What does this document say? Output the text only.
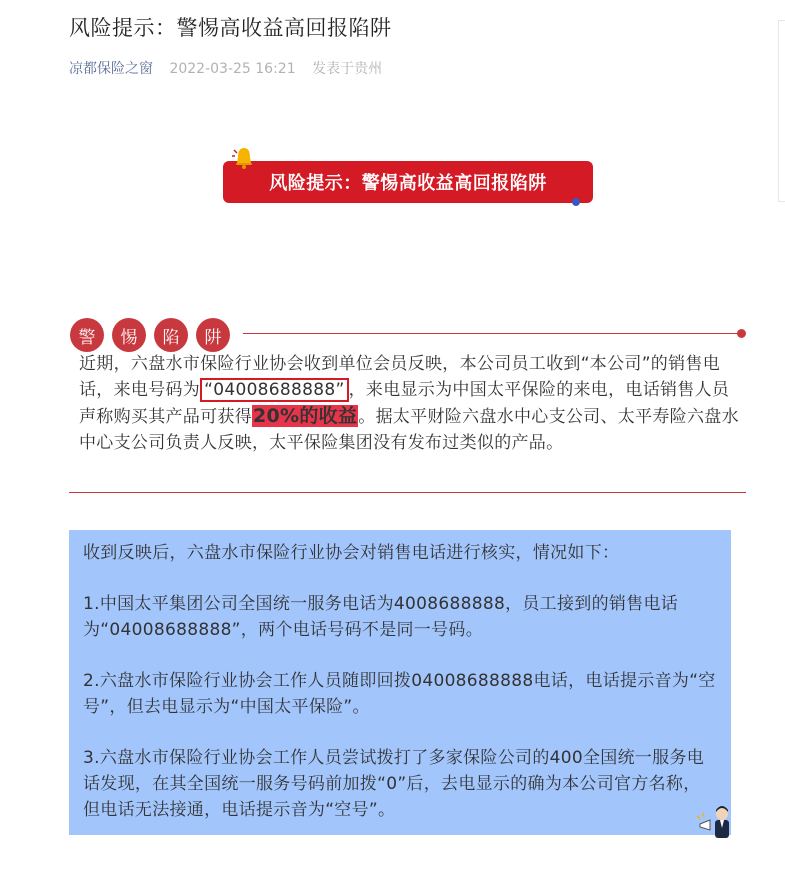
风险提示：警惕高收益高回报陷阱
凉都保险之窗 2022-03-25 16:21 发表于贵州
风险提示：警惕高收益高回报陷阱
警	惕	陷	阱

近期，六盘水市保险行业协会收到单位会员反映，本公司员工收到“本公司”的销售电话，来电号码为 “04008688888” ，来电显示为中国太平保险的来电，电话销售人员声称购买其产品可获得20%的收益。据太平财险六盘水中心支公司、太平寿险六盘水中心支公司负责人反映，太平保险集团没有发布过类似的产品。

收到反映后，六盘水市保险行业协会对销售电话进行核实，情况如下：

1.中国太平集团公司全国统一服务电话为4008688888，员工接到的销售电话为“04008688888”，两个电话号码不是同一号码。

2.六盘水市保险行业协会工作人员随即回拨04008688888电话，电话提示音为“空号”，但去电显示为“中国太平保险”。

3.六盘水市保险行业协会工作人员尝试拨打了多家保险公司的400全国统一服务电话发现，在其全国统一服务号码前加拨“0”后，去电显示的确为本公司官方名称，但电话无法接通，电话提示音为“空号”。
